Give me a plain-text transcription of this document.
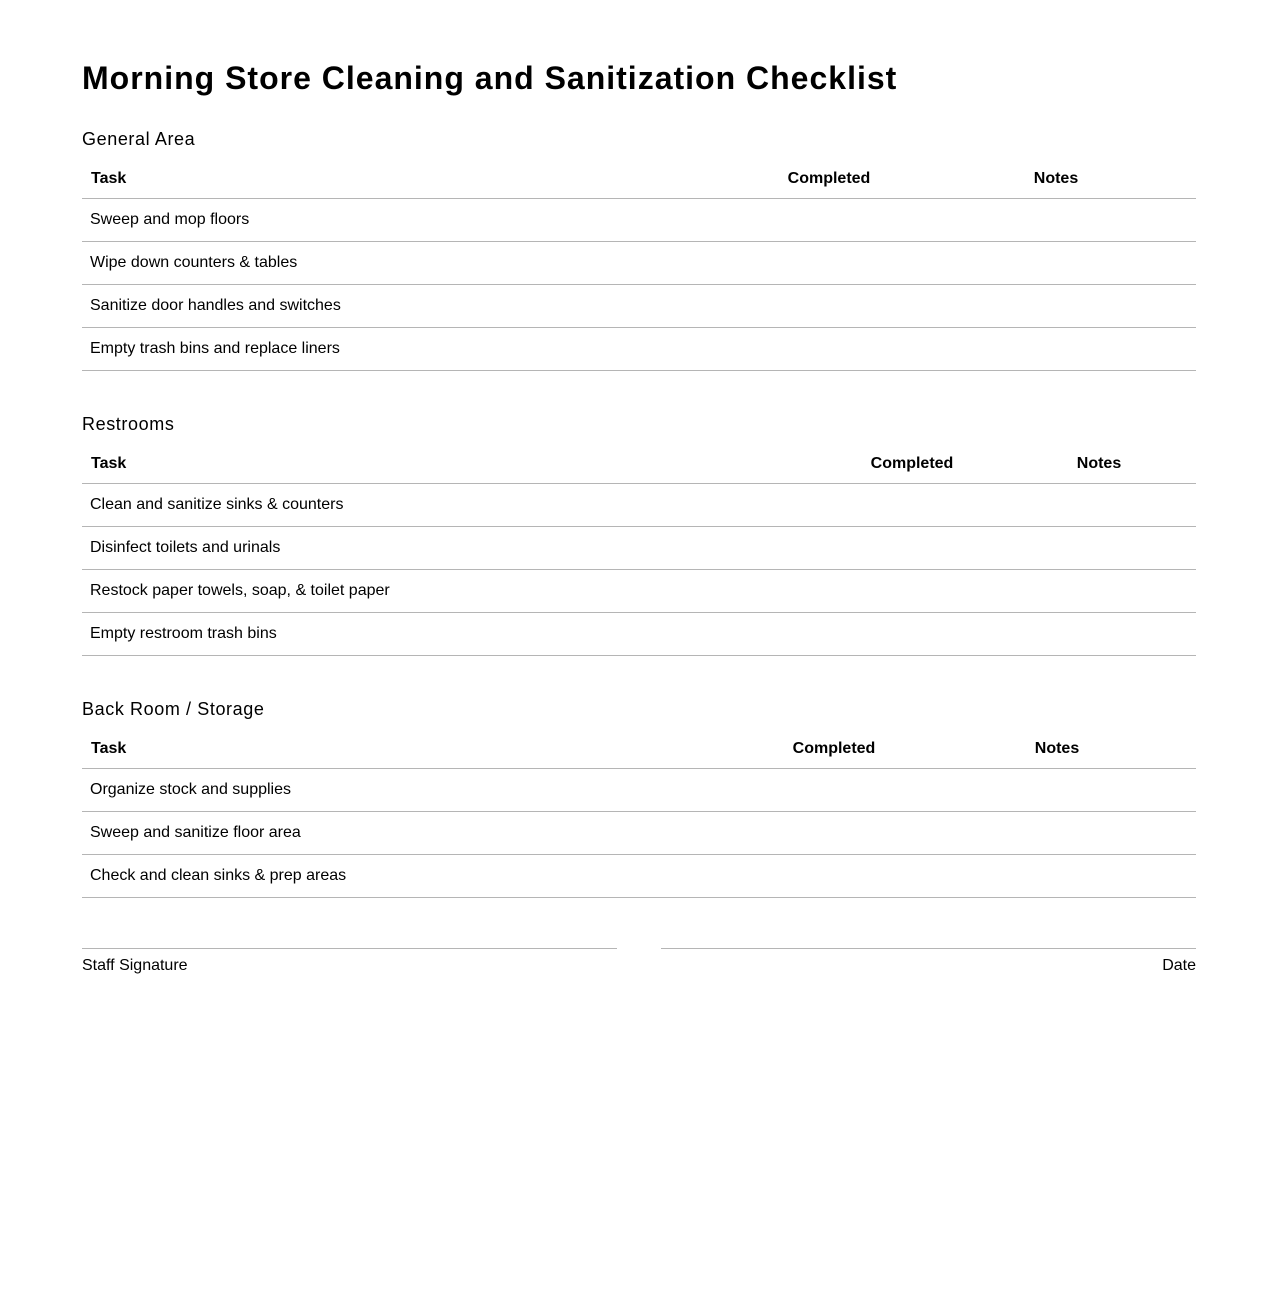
Morning Store Cleaning and Sanitization Checklist
General Area
Task	Completed	Notes
Sweep and mop floors		
Wipe down counters & tables		
Sanitize door handles and switches		
Empty trash bins and replace liners		
Restrooms
Task	Completed	Notes
Clean and sanitize sinks & counters		
Disinfect toilets and urinals		
Restock paper towels, soap, & toilet paper		
Empty restroom trash bins		
Back Room / Storage
Task	Completed	Notes
Organize stock and supplies		
Sweep and sanitize floor area		
Check and clean sinks & prep areas		
Staff Signature	Date
